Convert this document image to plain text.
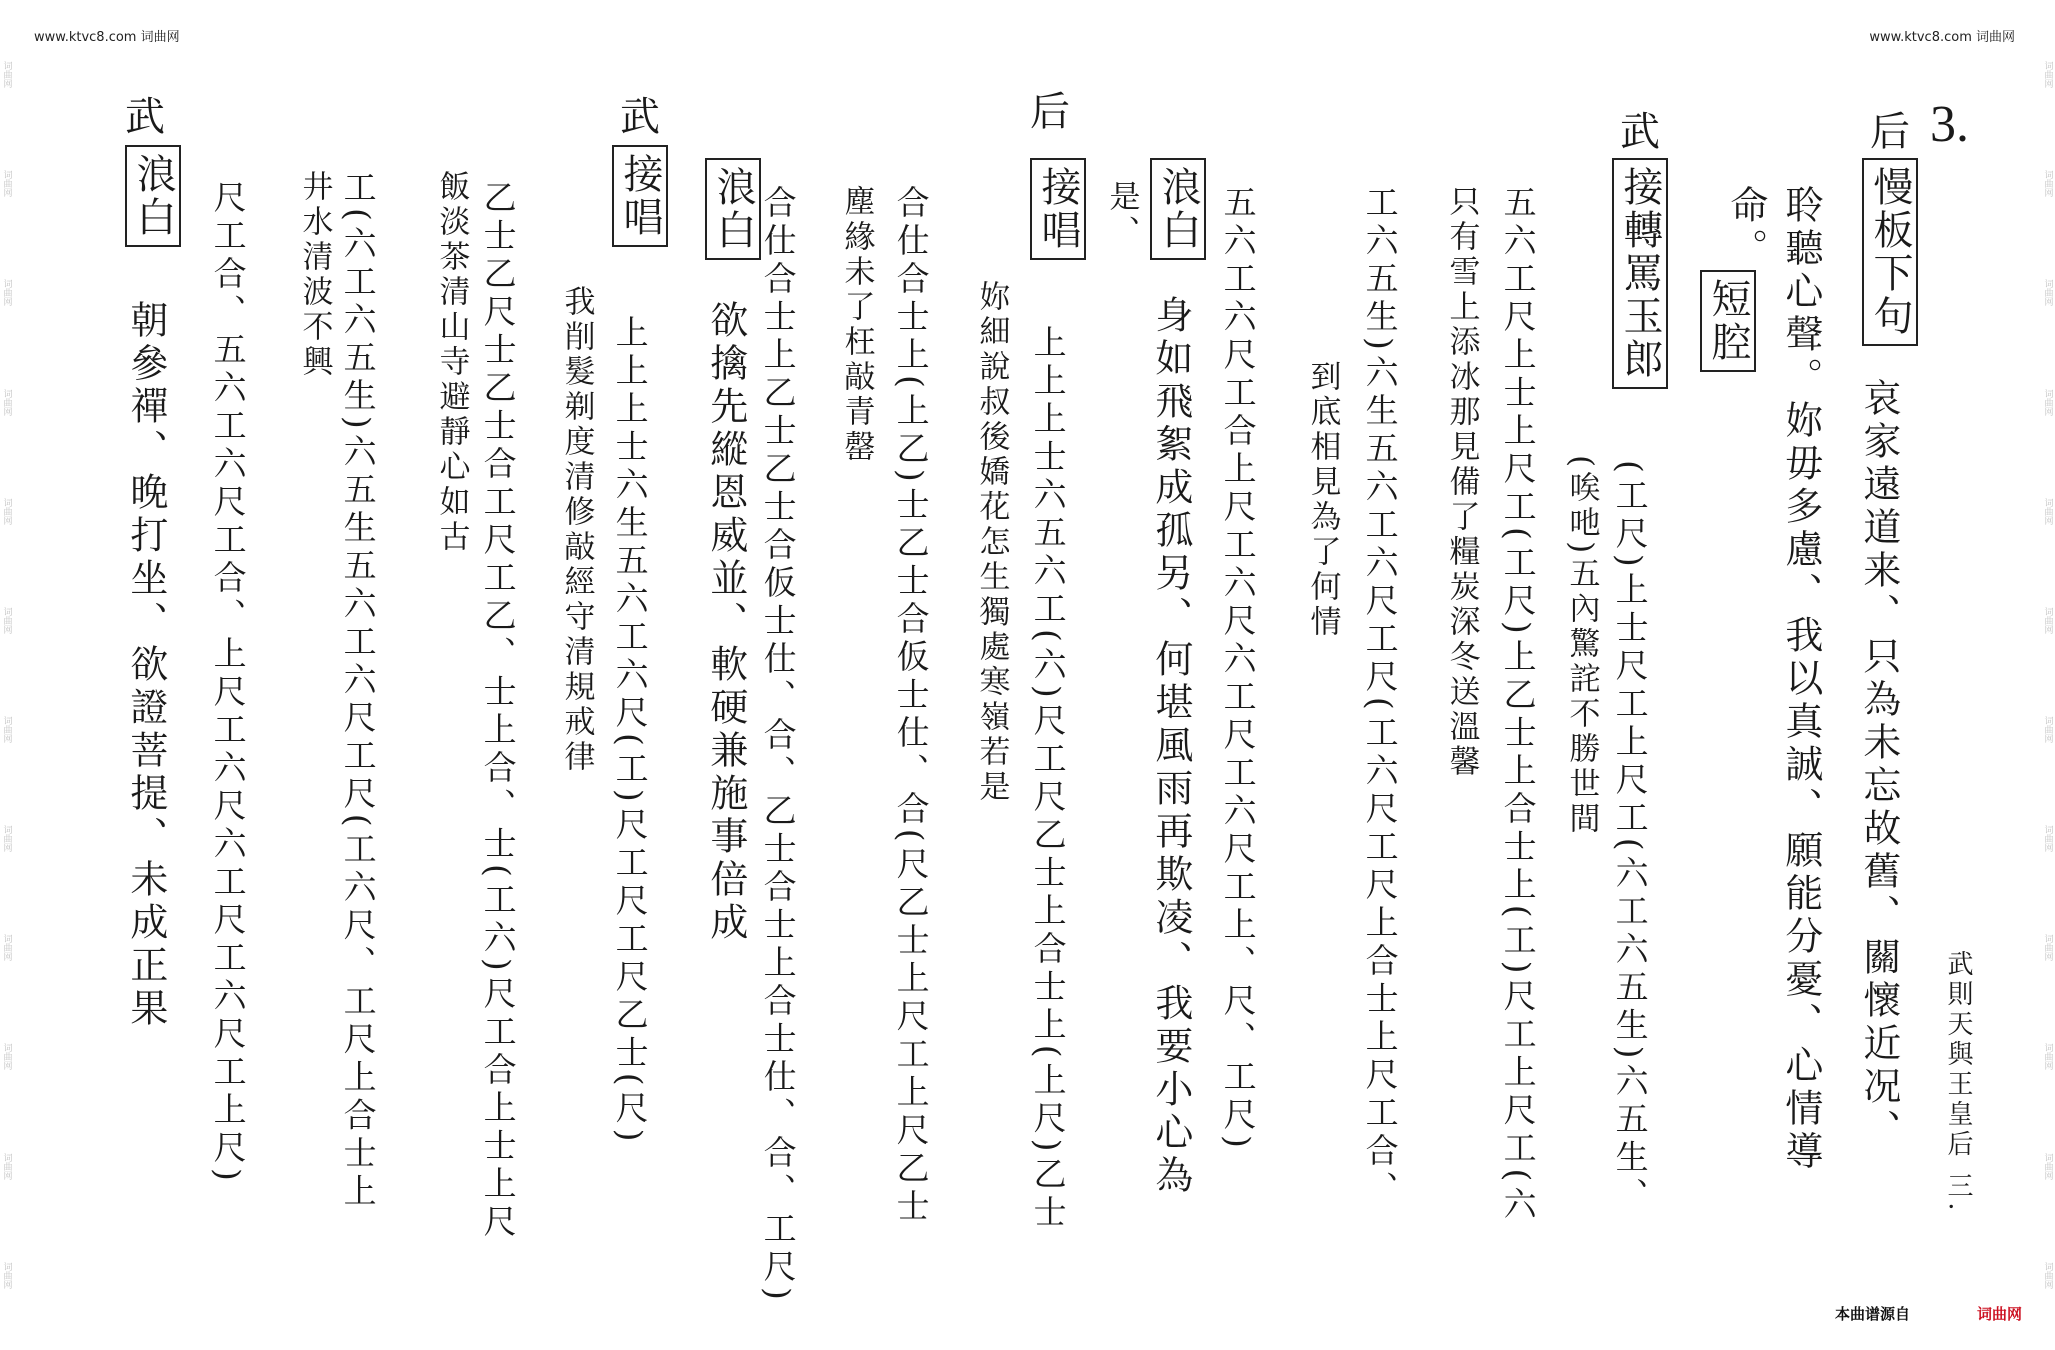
www.ktvc8.com 词曲网	www.ktvc8.com 词曲网
词曲网
词曲网
词曲网
词曲网
词曲网
词曲网
词曲网
词曲网
词曲网
词曲网
词曲网
词曲网
词曲网
词曲网
词曲网
词曲网
词曲网
词曲网
词曲网
词曲网
词曲网
词曲网
词曲网
词曲网
3.
后
慢板下句
哀家遠道来、只為未忘故舊、關懷近况、
聆聽心聲。妳毋多慮、我以真誠、願能分憂、心情導
命。
短腔
武
接轉罵玉郎
(工尺)上士尺工上尺工(六工六五生)六五生、
(唉吔)五內驚詫不勝世間
五六工尺上士上尺工(工尺)上乙士上合士上(工)尺工上尺工(六
只有雪上添冰那見備了糧炭深冬送溫馨
工六五生)六生五六工六尺工尺(工六尺工尺上合士上尺工合、
到底相見為了何情
五六工六尺工合上尺工六尺六工尺工六尺工上、尺、工尺)
是、 浪白
身如飛絮成孤另、何堪風雨再欺凌、我要小心為
后
接唱
上上上士六五六工(六)尺工尺乙士上合士上(上尺)乙士
妳細說叔後嬌花怎生獨處寒嶺若是
合仕合士上(上乙)士乙士合仮士仕、合(尺乙士上尺工上尺乙士
塵緣未了枉敲青罄
武
合仕合士上乙士乙士合仮士仕、合、乙士合士上合士仕、合、工尺)
浪白
欲擒先縱恩威並、軟硬兼施事倍成
接唱
上上上士六生五六工六尺(工)尺工尺工尺乙士(尺)
我削髮剃度清修敲經守清規戒律
乙士乙尺士乙士合工尺工乙、士上合、士(工六)尺工合上士上尺
飯淡茶清山寺避靜心如古
工(六工六五生)六五生五六工六尺工尺(工六尺、工尺上合士上
井水清波不興
武
浪白
朝參禪、晚打坐、欲證菩提、未成正果 尺工合、五六工六尺工合、上尺工六尺六工尺工六尺工上尺)	武則天與王皇后 三.
本曲谱源自	词曲网
